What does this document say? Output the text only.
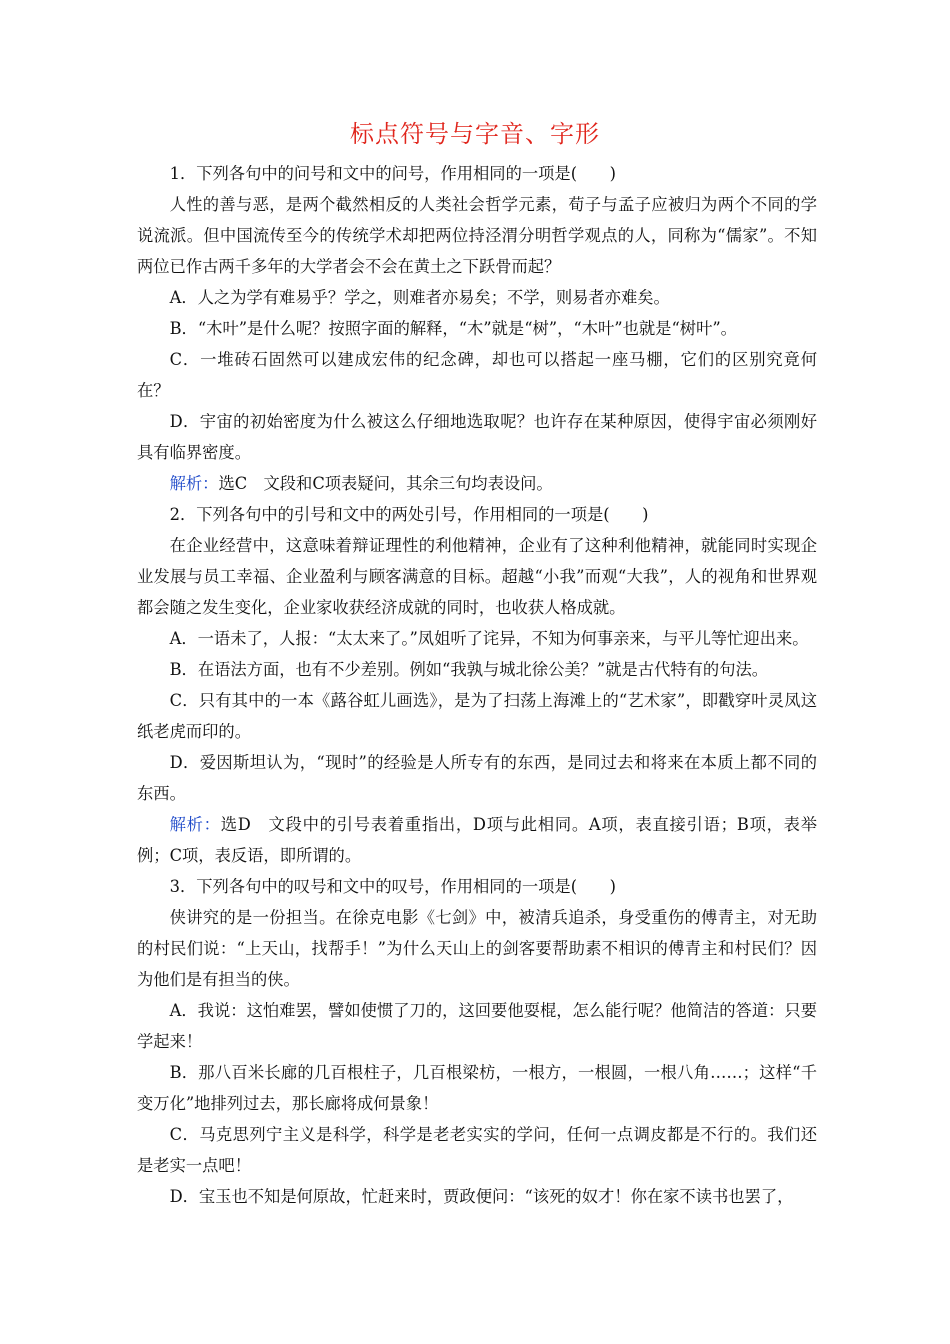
标点符号与字音、字形

1．下列各句中的问号和文中的问号，作用相同的一项是(　　)

人性的善与恶，是两个截然相反的人类社会哲学元素，荀子与孟子应被归为两个不同的学说流派。但中国流传至今的传统学术却把两位持泾渭分明哲学观点的人，同称为“儒家”。不知两位已作古两千多年的大学者会不会在黄土之下跃骨而起？

A．人之为学有难易乎？学之，则难者亦易矣；不学，则易者亦难矣。

B．“木叶”是什么呢？按照字面的解释，“木”就是“树”，“木叶”也就是“树叶”。

C．一堆砖石固然可以建成宏伟的纪念碑，却也可以搭起一座马棚，它们的区别究竟何在？

D．宇宙的初始密度为什么被这么仔细地选取呢？也许存在某种原因，使得宇宙必须刚好具有临界密度。

解析：选C　文段和C项表疑问，其余三句均表设问。

2．下列各句中的引号和文中的两处引号，作用相同的一项是(　　)

在企业经营中，这意味着辩证理性的利他精神，企业有了这种利他精神，就能同时实现企业发展与员工幸福、企业盈利与顾客满意的目标。超越“小我”而观“大我”，人的视角和世界观都会随之发生变化，企业家收获经济成就的同时，也收获人格成就。

A．一语未了，人报：“太太来了。”凤姐听了诧异，不知为何事亲来，与平儿等忙迎出来。

B．在语法方面，也有不少差别。例如“我孰与城北徐公美？”就是古代特有的句法。

C．只有其中的一本《蕗谷虹儿画选》，是为了扫荡上海滩上的“艺术家”，即戳穿叶灵凤这纸老虎而印的。

D．爱因斯坦认为，“现时”的经验是人所专有的东西，是同过去和将来在本质上都不同的东西。

解析：选D　文段中的引号表着重指出，D项与此相同。A项，表直接引语；B项，表举例；C项，表反语，即所谓的。

3．下列各句中的叹号和文中的叹号，作用相同的一项是(　　)

侠讲究的是一份担当。在徐克电影《七剑》中，被清兵追杀，身受重伤的傅青主，对无助的村民们说：“上天山，找帮手！”为什么天山上的剑客要帮助素不相识的傅青主和村民们？因为他们是有担当的侠。

A．我说：这怕难罢，譬如使惯了刀的，这回要他耍棍，怎么能行呢？他简洁的答道：只要学起来！

B．那八百米长廊的几百根柱子，几百根梁枋，一根方，一根圆，一根八角……；这样“千变万化”地排列过去，那长廊将成何景象！

C．马克思列宁主义是科学，科学是老老实实的学问，任何一点调皮都是不行的。我们还是老实一点吧！

D．宝玉也不知是何原故，忙赶来时，贾政便问：“该死的奴才！你在家不读书也罢了，
